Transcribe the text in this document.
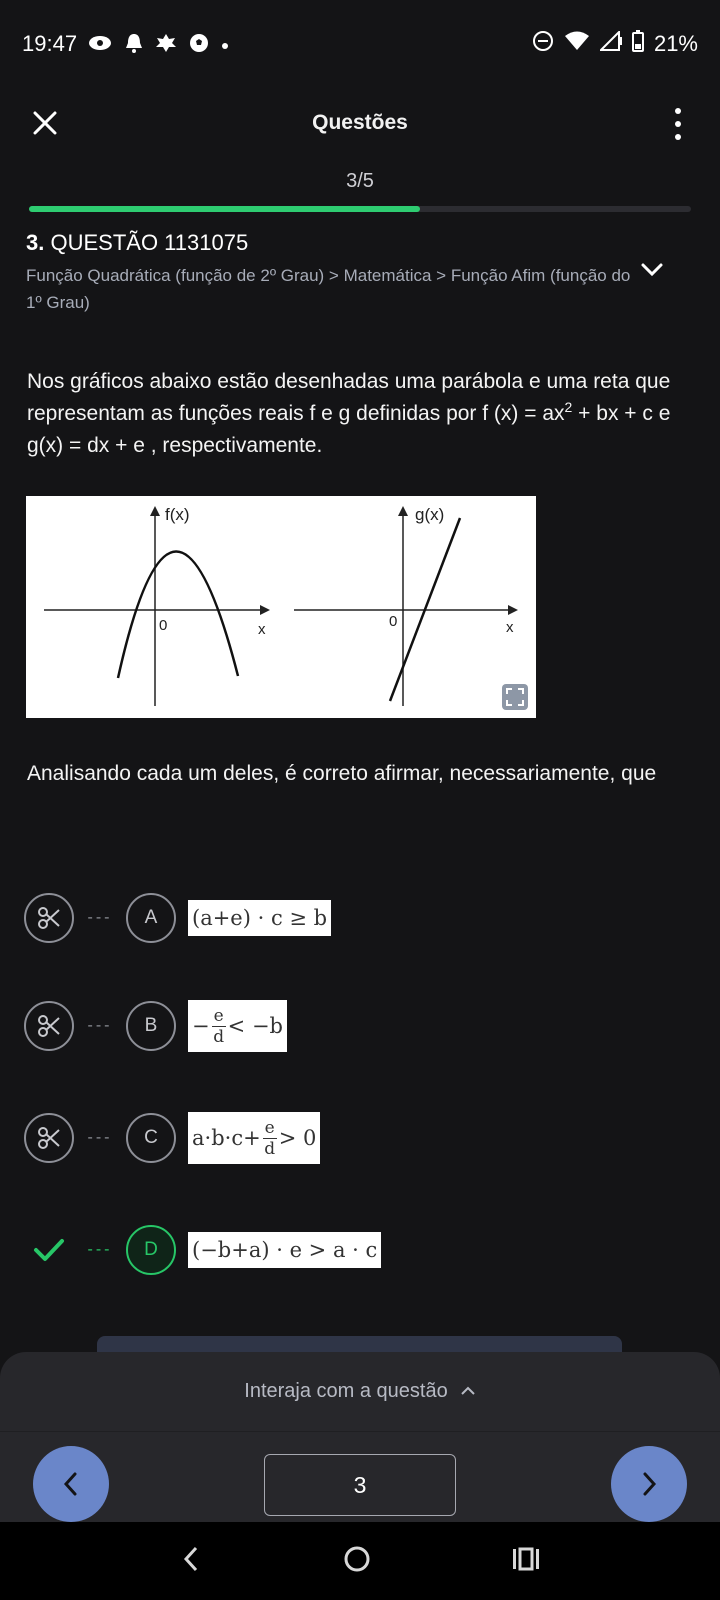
19:47	21%
Questões
3/5
3. QUESTÃO 1131075
Função Quadrática (função de 2º Grau) > Matemática > Função Afim (função do 1º Grau)
Nos gráficos abaixo estão desenhadas uma parábola e uma reta que representam as funções reais f e g definidas por f $(x) = ax^2$ + bx + c e g(x) = dx + e , respectivamente.
f(x)
0	x
g(x)
0	x
Analisando cada um deles, é correto afirmar, necessariamente, que
---	A	(a+e) · c ≥ b
---	B	− $\frac{e}{d} < -b$
---	C	$a\cdot b\cdot c+ \frac{e}{d} > 0$
---	D	(−b+a) · e > a · c
Interaja com a questão
3
